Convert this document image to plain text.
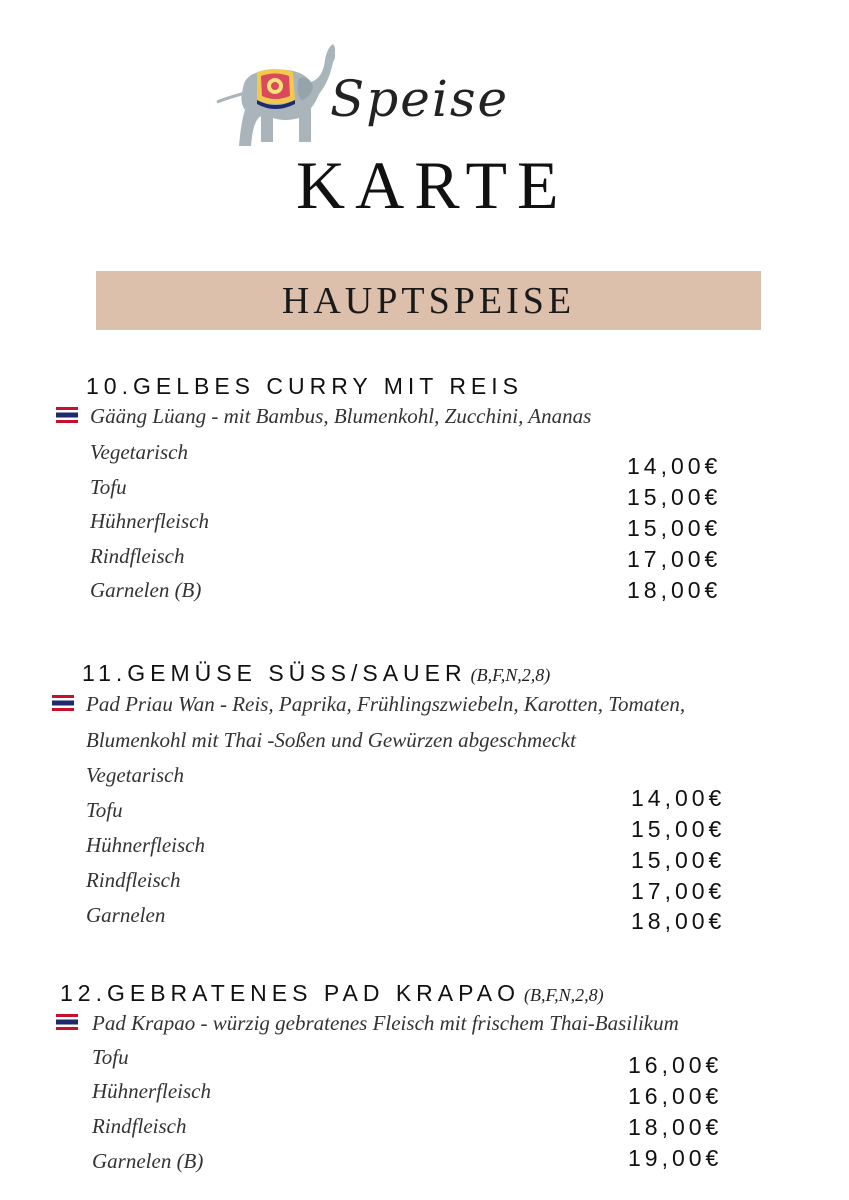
Speise
KARTE
HAUPTSPEISE
10.GELBES CURRY MIT REIS
Gääng Lüang - mit Bambus, Blumenkohl, Zucchini, Ananas
Vegetarisch
Tofu
Hühnerfleisch
Rindfleisch
Garnelen (B)
14,00€
15,00€
15,00€
17,00€
18,00€
11.GEMÜSE SÜSS/SAUER (B,F,N,2,8)
Pad Priau Wan - Reis, Paprika, Frühlingszwiebeln, Karotten, Tomaten,
Blumenkohl mit Thai -Soßen und Gewürzen abgeschmeckt
Vegetarisch
Tofu
Hühnerfleisch
Rindfleisch
Garnelen
14,00€
15,00€
15,00€
17,00€
18,00€
12.GEBRATENES PAD KRAPAO (B,F,N,2,8)
Pad Krapao - würzig gebratenes Fleisch mit frischem Thai-Basilikum
Tofu
Hühnerfleisch
Rindfleisch
Garnelen (B)
16,00€
16,00€
18,00€
19,00€
